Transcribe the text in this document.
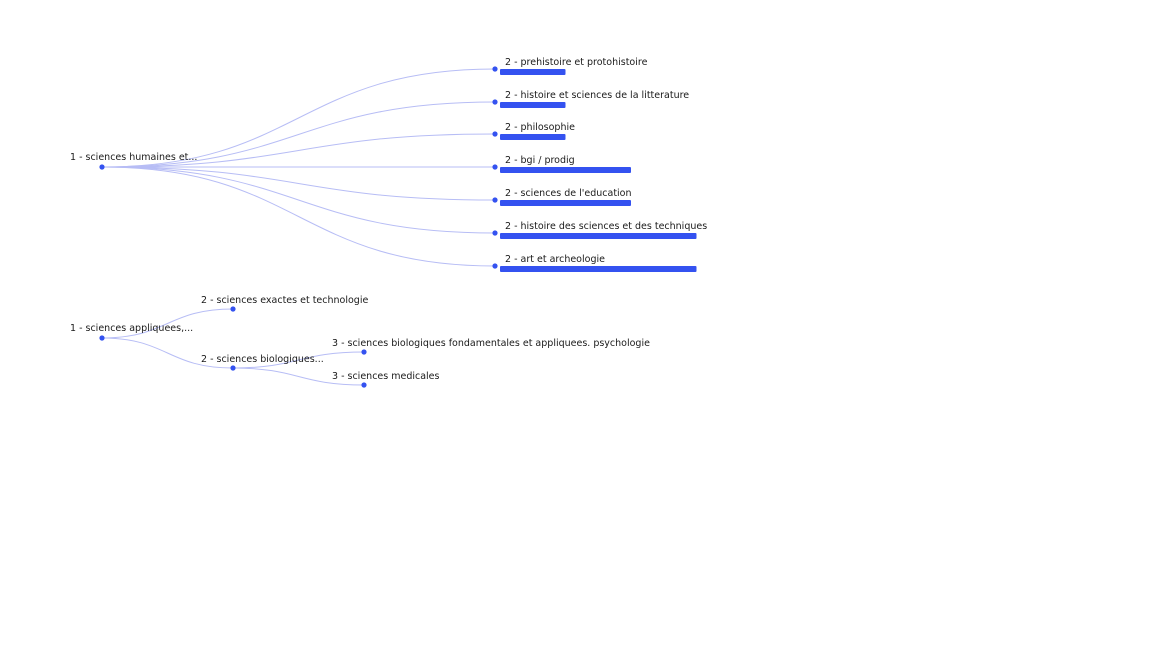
1 - sciences humaines et...
1 - sciences appliquees,...
2 - prehistoire et protohistoire
2 - histoire et sciences de la litterature
2 - philosophie
2 - bgi / prodig
2 - sciences de l'education
2 - histoire des sciences et des techniques
2 - art et archeologie
2 - sciences exactes et technologie
2 - sciences biologiques...
3 - sciences biologiques fondamentales et appliquees. psychologie
3 - sciences medicales
